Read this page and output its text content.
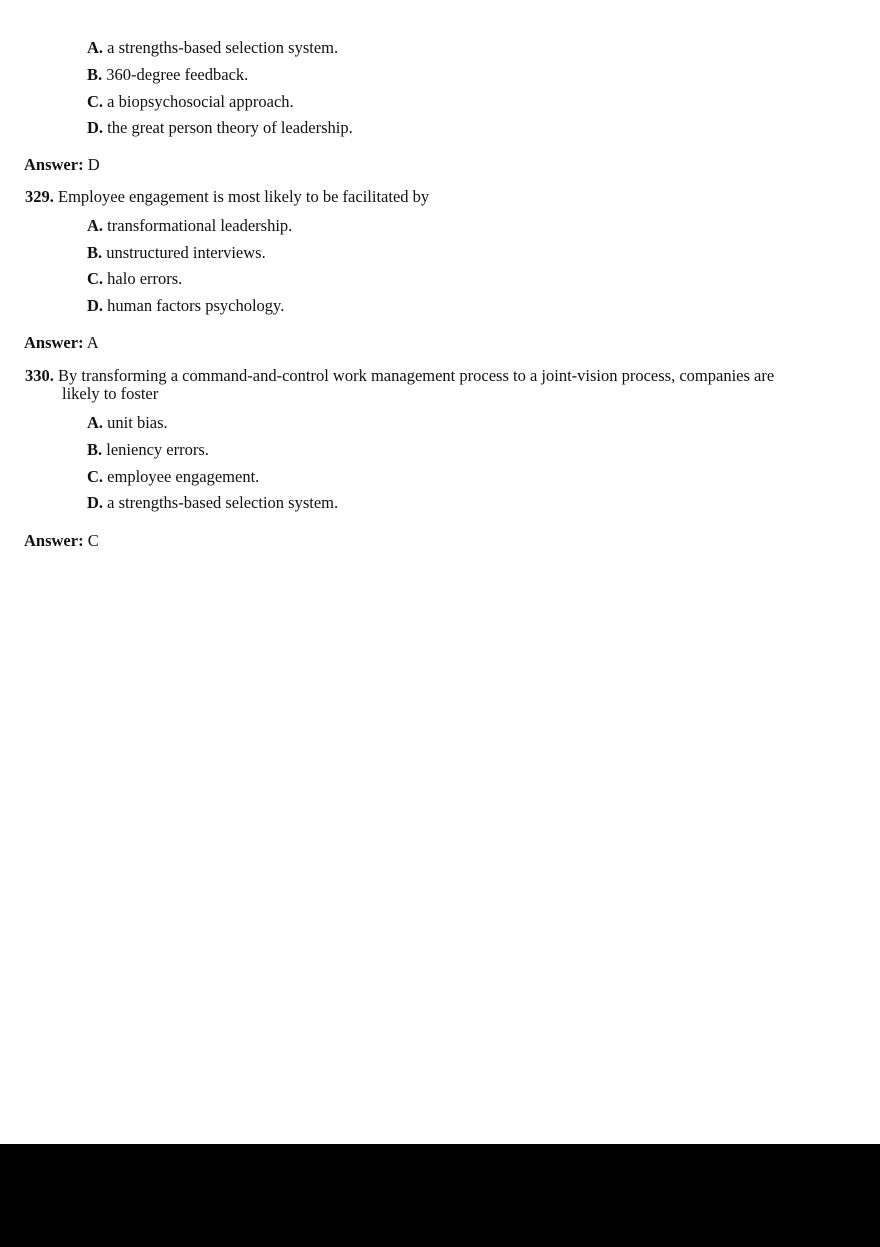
A. a strengths-based selection system.
B. 360-degree feedback.
C. a biopsychosocial approach.
D. the great person theory of leadership.
Answer: D
329. Employee engagement is most likely to be facilitated by
A. transformational leadership.
B. unstructured interviews.
C. halo errors.
D. human factors psychology.
Answer: A
330. By transforming a command-and-control work management process to a joint-vision process, companies are
likely to foster
A. unit bias.
B. leniency errors.
C. employee engagement.
D. a strengths-based selection system.
Answer: C
